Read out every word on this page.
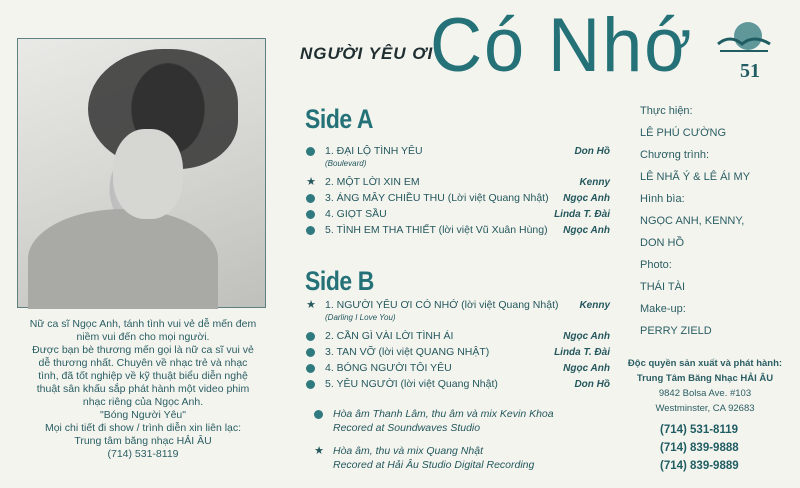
Nữ ca sĩ Ngọc Anh, tánh tình vui vẻ dễ mến đem
niềm vui đến cho mọi người.
Được bạn bè thương mến gọi là nữ ca sĩ vui vẻ
dễ thương nhất. Chuyên về nhạc trẻ và nhạc
tình, đã tốt nghiệp về kỹ thuật biểu diễn nghệ
thuật sân khấu sắp phát hành một video phim
nhạc riêng của Ngọc Anh.
"Bóng Người Yêu"
Mọi chi tiết đi show / trình diễn xin liên lạc:
Trung tâm băng nhạc HẢI ÂU
(714) 531-8119
NGƯỜI YÊU ƠI
Có Nhớ 51
Side A
1. ĐẠI LỘ TÌNH YÊU
(Boulevard)
Don Hồ
★ 2. MỘT LỜI XIN EM	Kenny
3. ÁNG MÂY CHIỀU THU (Lời việt Quang Nhật) Ngọc Anh
4. GIỌT SẦU	Linda T. Đài
5. TÌNH EM THA THIẾT (lời việt Vũ Xuân Hùng) Ngọc Anh
Side B
★ 1. NGƯỜI YÊU ƠI CÓ NHỚ (lời việt Quang Nhật)
(Darling I Love You)
Kenny
2. CẦN GÌ VÀI LỜI TÌNH ÁI	Ngọc Anh
3. TAN VỠ (lời việt QUANG NHẬT)	Linda T. Đài
4. BÓNG NGƯỜI TÔI YÊU	Ngọc Anh
5. YÊU NGƯỜI (lời việt Quang Nhật)	Don Hồ
Hòa âm Thanh Lâm, thu âm và mix Kevin Khoa
Recored at Soundwaves Studio
★ Hòa âm, thu và mix Quang Nhật
Recored at Hải Âu Studio Digital Recording
Thực hiện:
LÊ PHÚ CƯỜNG
Chương trình:
LÊ NHÃ Ý & LÊ ÁI MY
Hình bìa:
NGỌC ANH, KENNY,
DON HỒ
Photo:
THÁI TÀI
Make-up:
PERRY ZIELD
Độc quyền sản xuất và phát hành:
Trung Tâm Băng Nhạc HẢI ÂU
9842 Bolsa Ave. #103
Westminster, CA 92683
(714) 531-8119
(714) 839-9888
(714) 839-9889
